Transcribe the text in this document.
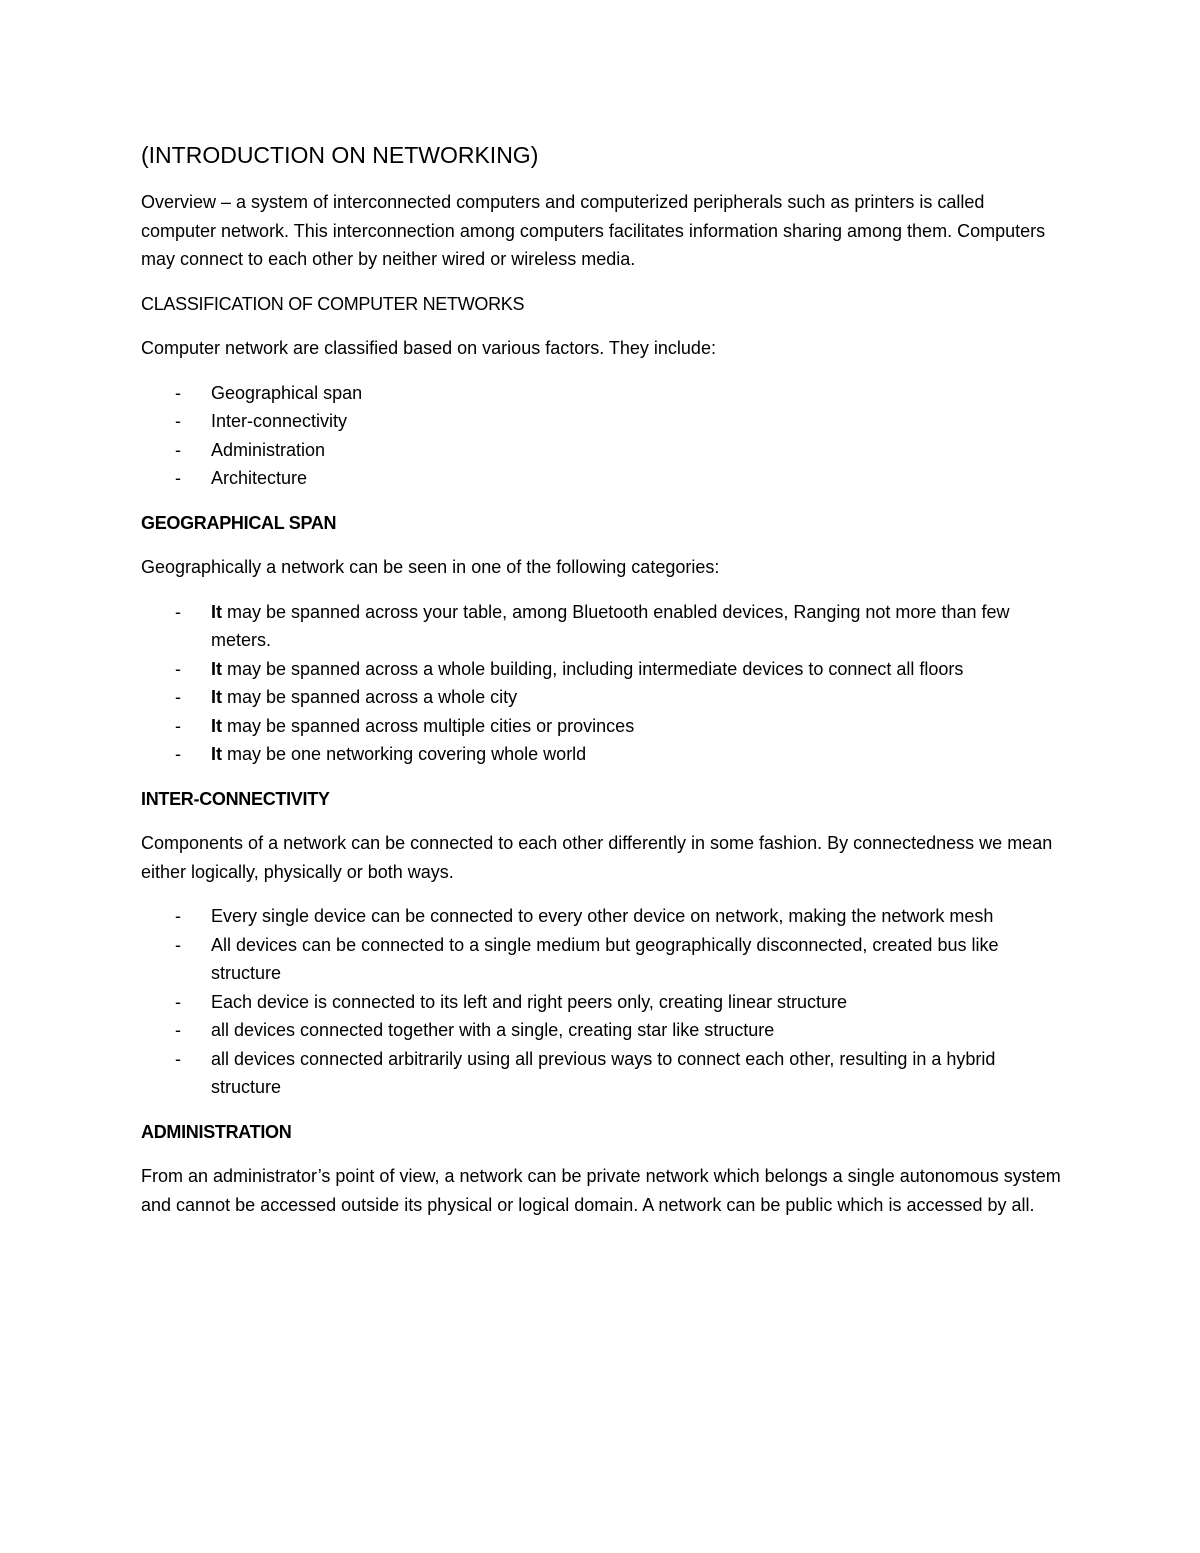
(INTRODUCTION ON NETWORKING)

Overview – a system of interconnected computers and computerized peripherals such as printers is called computer network. This interconnection among computers facilitates information sharing among them. Computers may connect to each other by neither wired or wireless media.

CLASSIFICATION OF COMPUTER NETWORKS

Computer network are classified based on various factors. They include:

- Geographical span
- Inter-connectivity
- Administration
- Architecture
GEOGRAPHICAL SPAN

Geographically a network can be seen in one of the following categories:

- It may be spanned across your table, among Bluetooth enabled devices, Ranging not more than few meters.
- It may be spanned across a whole building, including intermediate devices to connect all floors
- It may be spanned across a whole city
- It may be spanned across multiple cities or provinces
- It may be one networking covering whole world
INTER-CONNECTIVITY

Components of a network can be connected to each other differently in some fashion. By connectedness we mean either logically, physically or both ways.

- Every single device can be connected to every other device on network, making the network mesh
- All devices can be connected to a single medium but geographically disconnected, created bus like structure
- Each device is connected to its left and right peers only, creating linear structure
- all devices connected together with a single, creating star like structure
- all devices connected arbitrarily using all previous ways to connect each other, resulting in a hybrid structure
ADMINISTRATION

From an administrator’s point of view, a network can be private network which belongs a single autonomous system and cannot be accessed outside its physical or logical domain. A network can be public which is accessed by all.
